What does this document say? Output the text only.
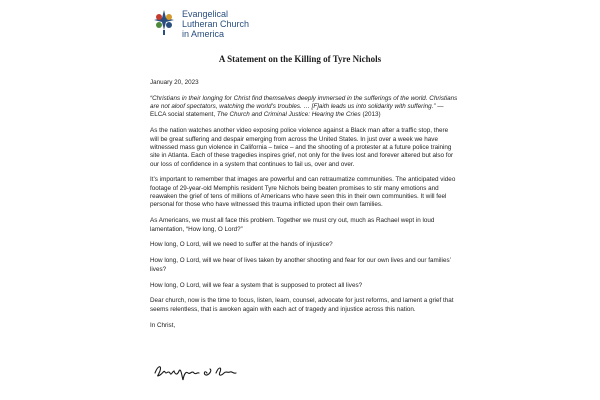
Evangelical
Lutheran Church
in America
A Statement on the Killing of Tyre Nichols

January 20, 2023

“Christians in their longing for Christ find themselves deeply immersed in the sufferings of the world. Christians are not aloof spectators, watching the world’s troubles. … [F]aith leads us into solidarity with suffering.” —ELCA social statement, The Church and Criminal Justice: Hearing the Cries (2013)

As the nation watches another video exposing police violence against a Black man after a traffic stop, there will be great suffering and despair emerging from across the United States. In just over a week we have witnessed mass gun violence in California – twice – and the shooting of a protester at a future police training site in Atlanta. Each of these tragedies inspires grief, not only for the lives lost and forever altered but also for our loss of confidence in a system that continues to fail us, over and over.

It’s important to remember that images are powerful and can retraumatize communities. The anticipated video footage of 29-year-old Memphis resident Tyre Nichols being beaten promises to stir many emotions and reawaken the grief of tens of millions of Americans who have seen this in their own communities. It will feel personal for those who have witnessed this trauma inflicted upon their own families.

As Americans, we must all face this problem. Together we must cry out, much as Rachael wept in loud lamentation, “How long, O Lord?”

How long, O Lord, will we need to suffer at the hands of injustice?

How long, O Lord, will we hear of lives taken by another shooting and fear for our own lives and our families’ lives?

How long, O Lord, will we fear a system that is supposed to protect all lives?

Dear church, now is the time to focus, listen, learn, counsel, advocate for just reforms, and lament a grief that seems relentless, that is awoken again with each act of tragedy and injustice across this nation.

In Christ,
